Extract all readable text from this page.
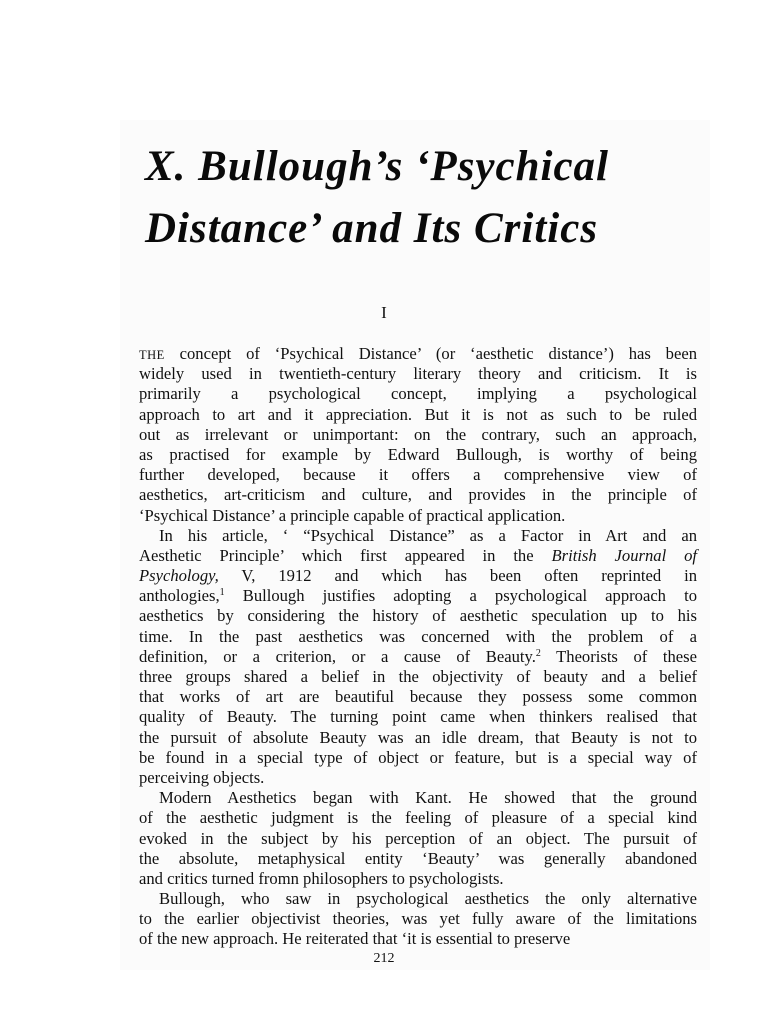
X. Bullough’s ‘Psychical
Distance’ and Its Critics

I

THE concept of ‘Psychical Distance’ (or ‘aesthetic distance’) has been
widely used in twentieth-century literary theory and criticism. It is
primarily a psychological concept, implying a psychological
approach to art and it appreciation. But it is not as such to be ruled
out as irrelevant or unimportant: on the contrary, such an approach,
as practised for example by Edward Bullough, is worthy of being
further developed, because it offers a comprehensive view of
aesthetics, art-criticism and culture, and provides in the principle of
‘Psychical Distance’ a principle capable of practical application.
In his article, ‘ “Psychical Distance” as a Factor in Art and an
Aesthetic Principle’ which first appeared in the British Journal of
Psychology, V, 1912 and which has been often reprinted in
anthologies,$^1$ Bullough justifies adopting a psychological approach to
aesthetics by considering the history of aesthetic speculation up to his
time. In the past aesthetics was concerned with the problem of a
definition, or a criterion, or a cause of Beauty.$^2$ Theorists of these
three groups shared a belief in the objectivity of beauty and a belief
that works of art are beautiful because they possess some common
quality of Beauty. The turning point came when thinkers realised that
the pursuit of absolute Beauty was an idle dream, that Beauty is not to
be found in a special type of object or feature, but is a special way of
perceiving objects.
Modern Aesthetics began with Kant. He showed that the ground
of the aesthetic judgment is the feeling of pleasure of a special kind
evoked in the subject by his perception of an object. The pursuit of
the absolute, metaphysical entity ‘Beauty’ was generally abandoned
and critics turned fromn philosophers to psychologists.
Bullough, who saw in psychological aesthetics the only alternative
to the earlier objectivist theories, was yet fully aware of the limitations
of the new approach. He reiterated that ‘it is essential to preserve

212
